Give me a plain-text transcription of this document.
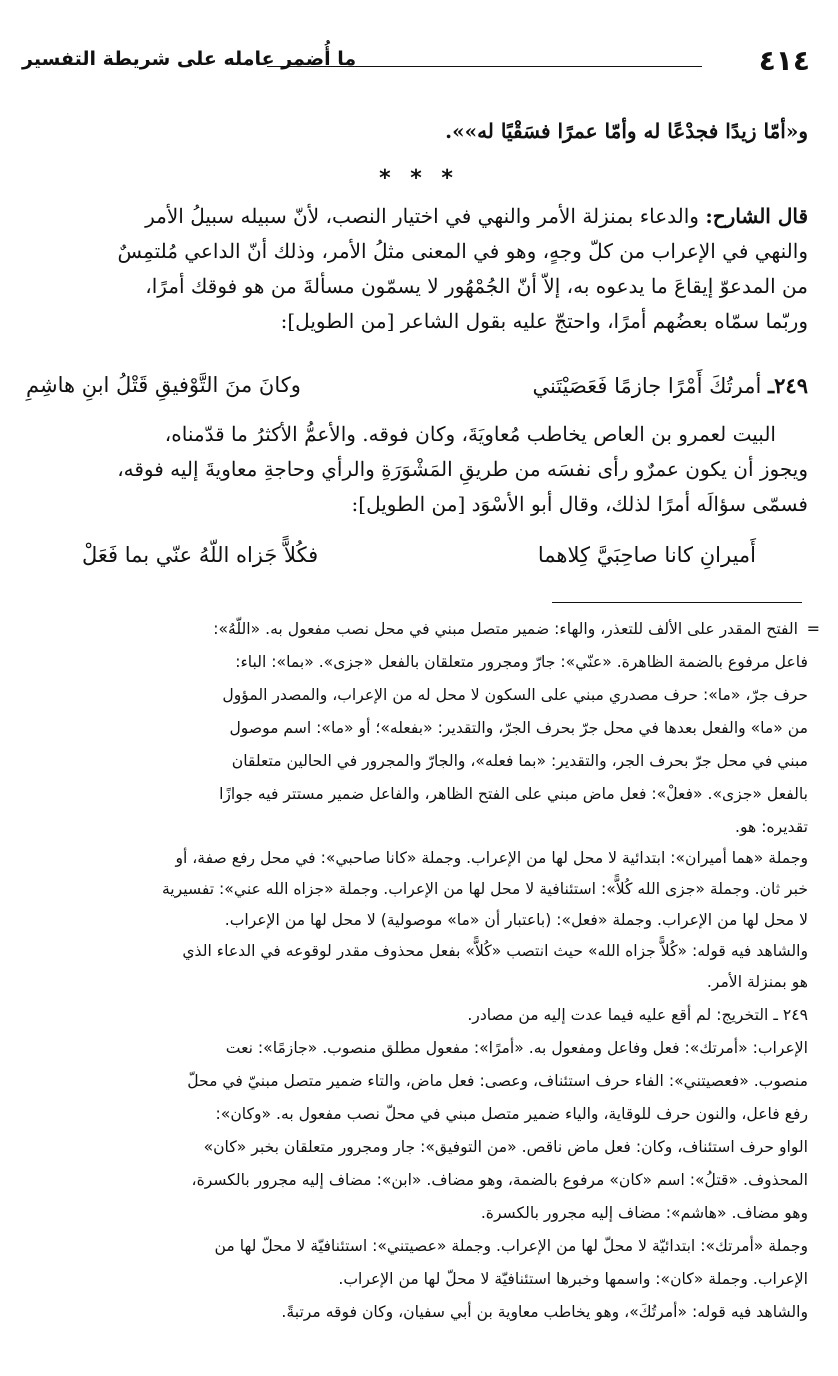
٤١٤
ما أُضمر عامله على شريطة التفسير
و«أمّا زيدًا فجدْعًا له وأمّا عمرًا فسَقْيًا له»».
* * *
قال الشارح: والدعاء بمنزلة الأمر والنهي في اختيار النصب، لأنّ سبيله سبيلُ الأمر
والنهي في الإعراب من كلّ وجهٍ، وهو في المعنى مثلُ الأمر، وذلك أنّ الداعي مُلتمِسٌ
من المدعوّ إيقاعَ ما يدعوه به، إلاّ أنّ الجُمْهُور لا يسمّون مسألةَ من هو فوقك أمرًا،
وربّما سمّاه بعضُهم أمرًا، واحتجّ عليه بقول الشاعر [من الطويل]:
٢٤٩ـ أمرتُكَ أَمْرًا جازمًا فَعَصَيْتَني
وكانَ منَ التَّوْفيقِ قَتْلُ ابنِ هاشِمِ
البيت لعمرو بن العاص يخاطب مُعاويَةَ، وكان فوقه. والأعمُّ الأكثرُ ما قدّمناه،
ويجوز أن يكون عمرٌو رأى نفسَه من طريقِ المَشْوَرَةِ والرأي وحاجةِ معاويةَ إليه فوقه،
فسمّى سؤالَه أمرًا لذلك، وقال أبو الأسْوَد [من الطويل]:
أَميرانِ كانا صاحِبَيَّ كِلاهما
فكُلاًّ جَزاه اللّهُ عنّي بما فَعَلْ
=
الفتح المقدر على الألف للتعذر، والهاء: ضمير متصل مبني في محل نصب مفعول به. «اللّهُ»:
فاعل مرفوع بالضمة الظاهرة. «عنّي»: جارّ ومجرور متعلقان بالفعل «جزى». «بما»: الباء:
حرف جرّ، «ما»: حرف مصدري مبني على السكون لا محل له من الإعراب، والمصدر المؤول
من «ما» والفعل بعدها في محل جرّ بحرف الجرّ، والتقدير: «بفعله»؛ أو «ما»: اسم موصول
مبني في محل جرّ بحرف الجر، والتقدير: «بما فعله»، والجارّ والمجرور في الحالين متعلقان
بالفعل «جزى». «فعلْ»: فعل ماض مبني على الفتح الظاهر، والفاعل ضمير مستتر فيه جوازًا
تقديره: هو.
وجملة «هما أميران»: ابتدائية لا محل لها من الإعراب. وجملة «كانا صاحبي»: في محل رفع صفة، أو
خبر ثان. وجملة «جزى الله كُلاًّ»: استئنافية لا محل لها من الإعراب. وجملة «جزاه الله عني»: تفسيرية
لا محل لها من الإعراب. وجملة «فعل»: (باعتبار أن «ما» موصولية) لا محل لها من الإعراب.
والشاهد فيه قوله: «كُلاًّ جزاه الله» حيث انتصب «كُلاًّ» بفعل محذوف مقدر لوقوعه في الدعاء الذي
هو بمنزلة الأمر.
٢٤٩ ـ التخريج: لم أقع عليه فيما عدت إليه من مصادر.
الإعراب: «أمرتك»: فعل وفاعل ومفعول به. «أمرًا»: مفعول مطلق منصوب. «جازمًا»: نعت
منصوب. «فعصيتني»: الفاء حرف استئناف، وعصى: فعل ماض، والتاء ضمير متصل مبنيّ في محلّ
رفع فاعل، والنون حرف للوقاية، والياء ضمير متصل مبني في محلّ نصب مفعول به. «وكان»:
الواو حرف استئناف، وكان: فعل ماض ناقص. «من التوفيق»: جار ومجرور متعلقان بخبر «كان»
المحذوف. «قتلُ»: اسم «كان» مرفوع بالضمة، وهو مضاف. «ابن»: مضاف إليه مجرور بالكسرة،
وهو مضاف. «هاشم»: مضاف إليه مجرور بالكسرة.
وجملة «أمرتك»: ابتدائيّة لا محلّ لها من الإعراب. وجملة «عصيتني»: استئنافيّة لا محلّ لها من
الإعراب. وجملة «كان»: واسمها وخبرها استئنافيّة لا محلّ لها من الإعراب.
والشاهد فيه قوله: «أمرتُكَ»، وهو يخاطب معاوية بن أبي سفيان، وكان فوقه مرتبةً.
